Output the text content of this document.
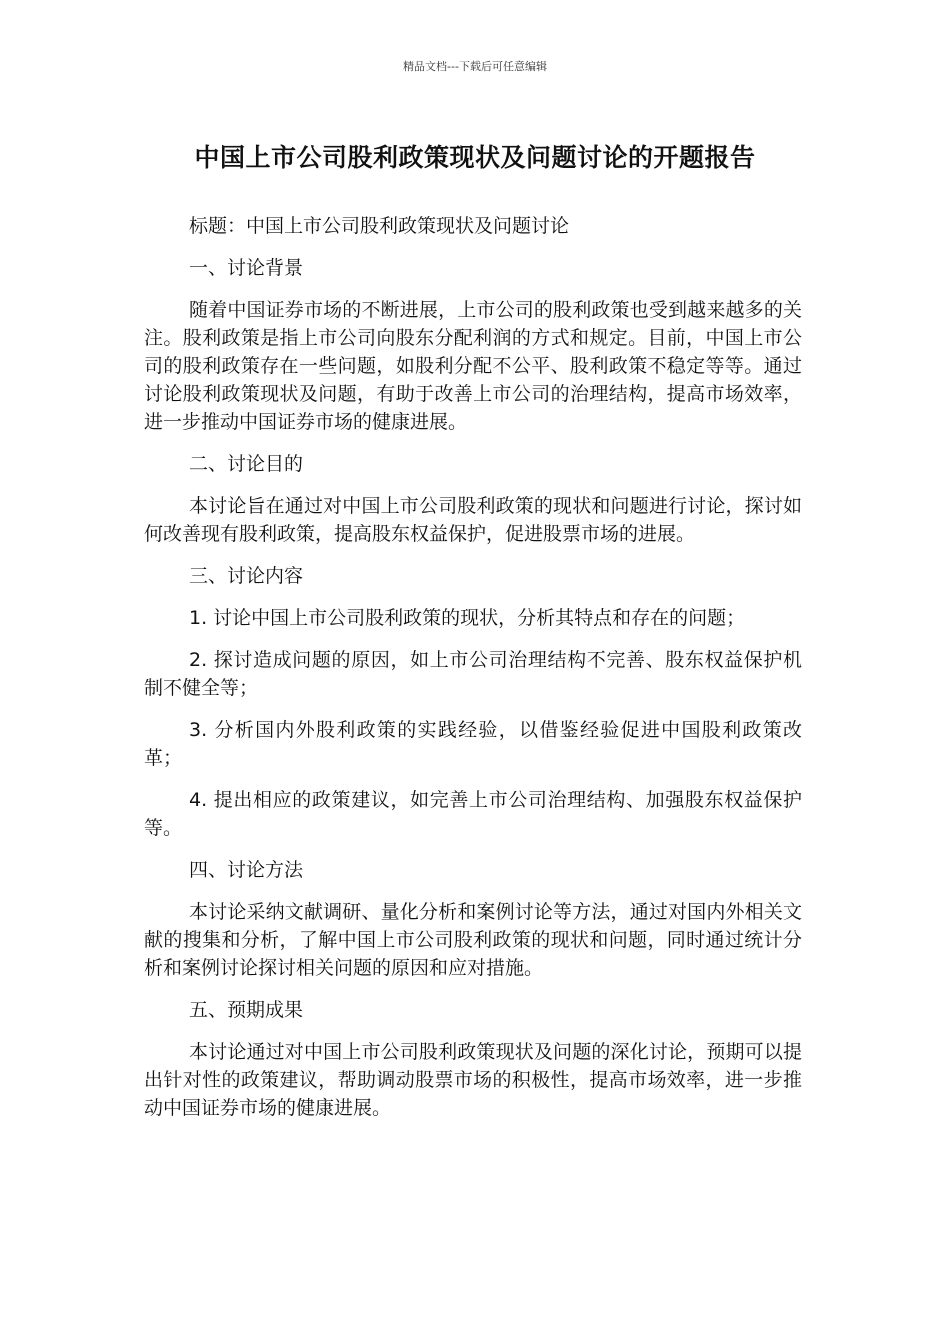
精品文档---下载后可任意编辑
中国上市公司股利政策现状及问题讨论的开题报告

标题：中国上市公司股利政策现状及问题讨论

一、讨论背景

随着中国证券市场的不断进展，上市公司的股利政策也受到越来越多的关注。股利政策是指上市公司向股东分配利润的方式和规定。目前，中国上市公司的股利政策存在一些问题，如股利分配不公平、股利政策不稳定等等。通过讨论股利政策现状及问题，有助于改善上市公司的治理结构，提高市场效率，进一步推动中国证券市场的健康进展。

二、讨论目的

本讨论旨在通过对中国上市公司股利政策的现状和问题进行讨论，探讨如何改善现有股利政策，提高股东权益保护，促进股票市场的进展。

三、讨论内容

1. 讨论中国上市公司股利政策的现状，分析其特点和存在的问题；

2. 探讨造成问题的原因，如上市公司治理结构不完善、股东权益保护机制不健全等；

3. 分析国内外股利政策的实践经验，以借鉴经验促进中国股利政策改革；

4. 提出相应的政策建议，如完善上市公司治理结构、加强股东权益保护等。

四、讨论方法

本讨论采纳文献调研、量化分析和案例讨论等方法，通过对国内外相关文献的搜集和分析，了解中国上市公司股利政策的现状和问题，同时通过统计分析和案例讨论探讨相关问题的原因和应对措施。

五、预期成果

本讨论通过对中国上市公司股利政策现状及问题的深化讨论，预期可以提出针对性的政策建议，帮助调动股票市场的积极性，提高市场效率，进一步推动中国证券市场的健康进展。
